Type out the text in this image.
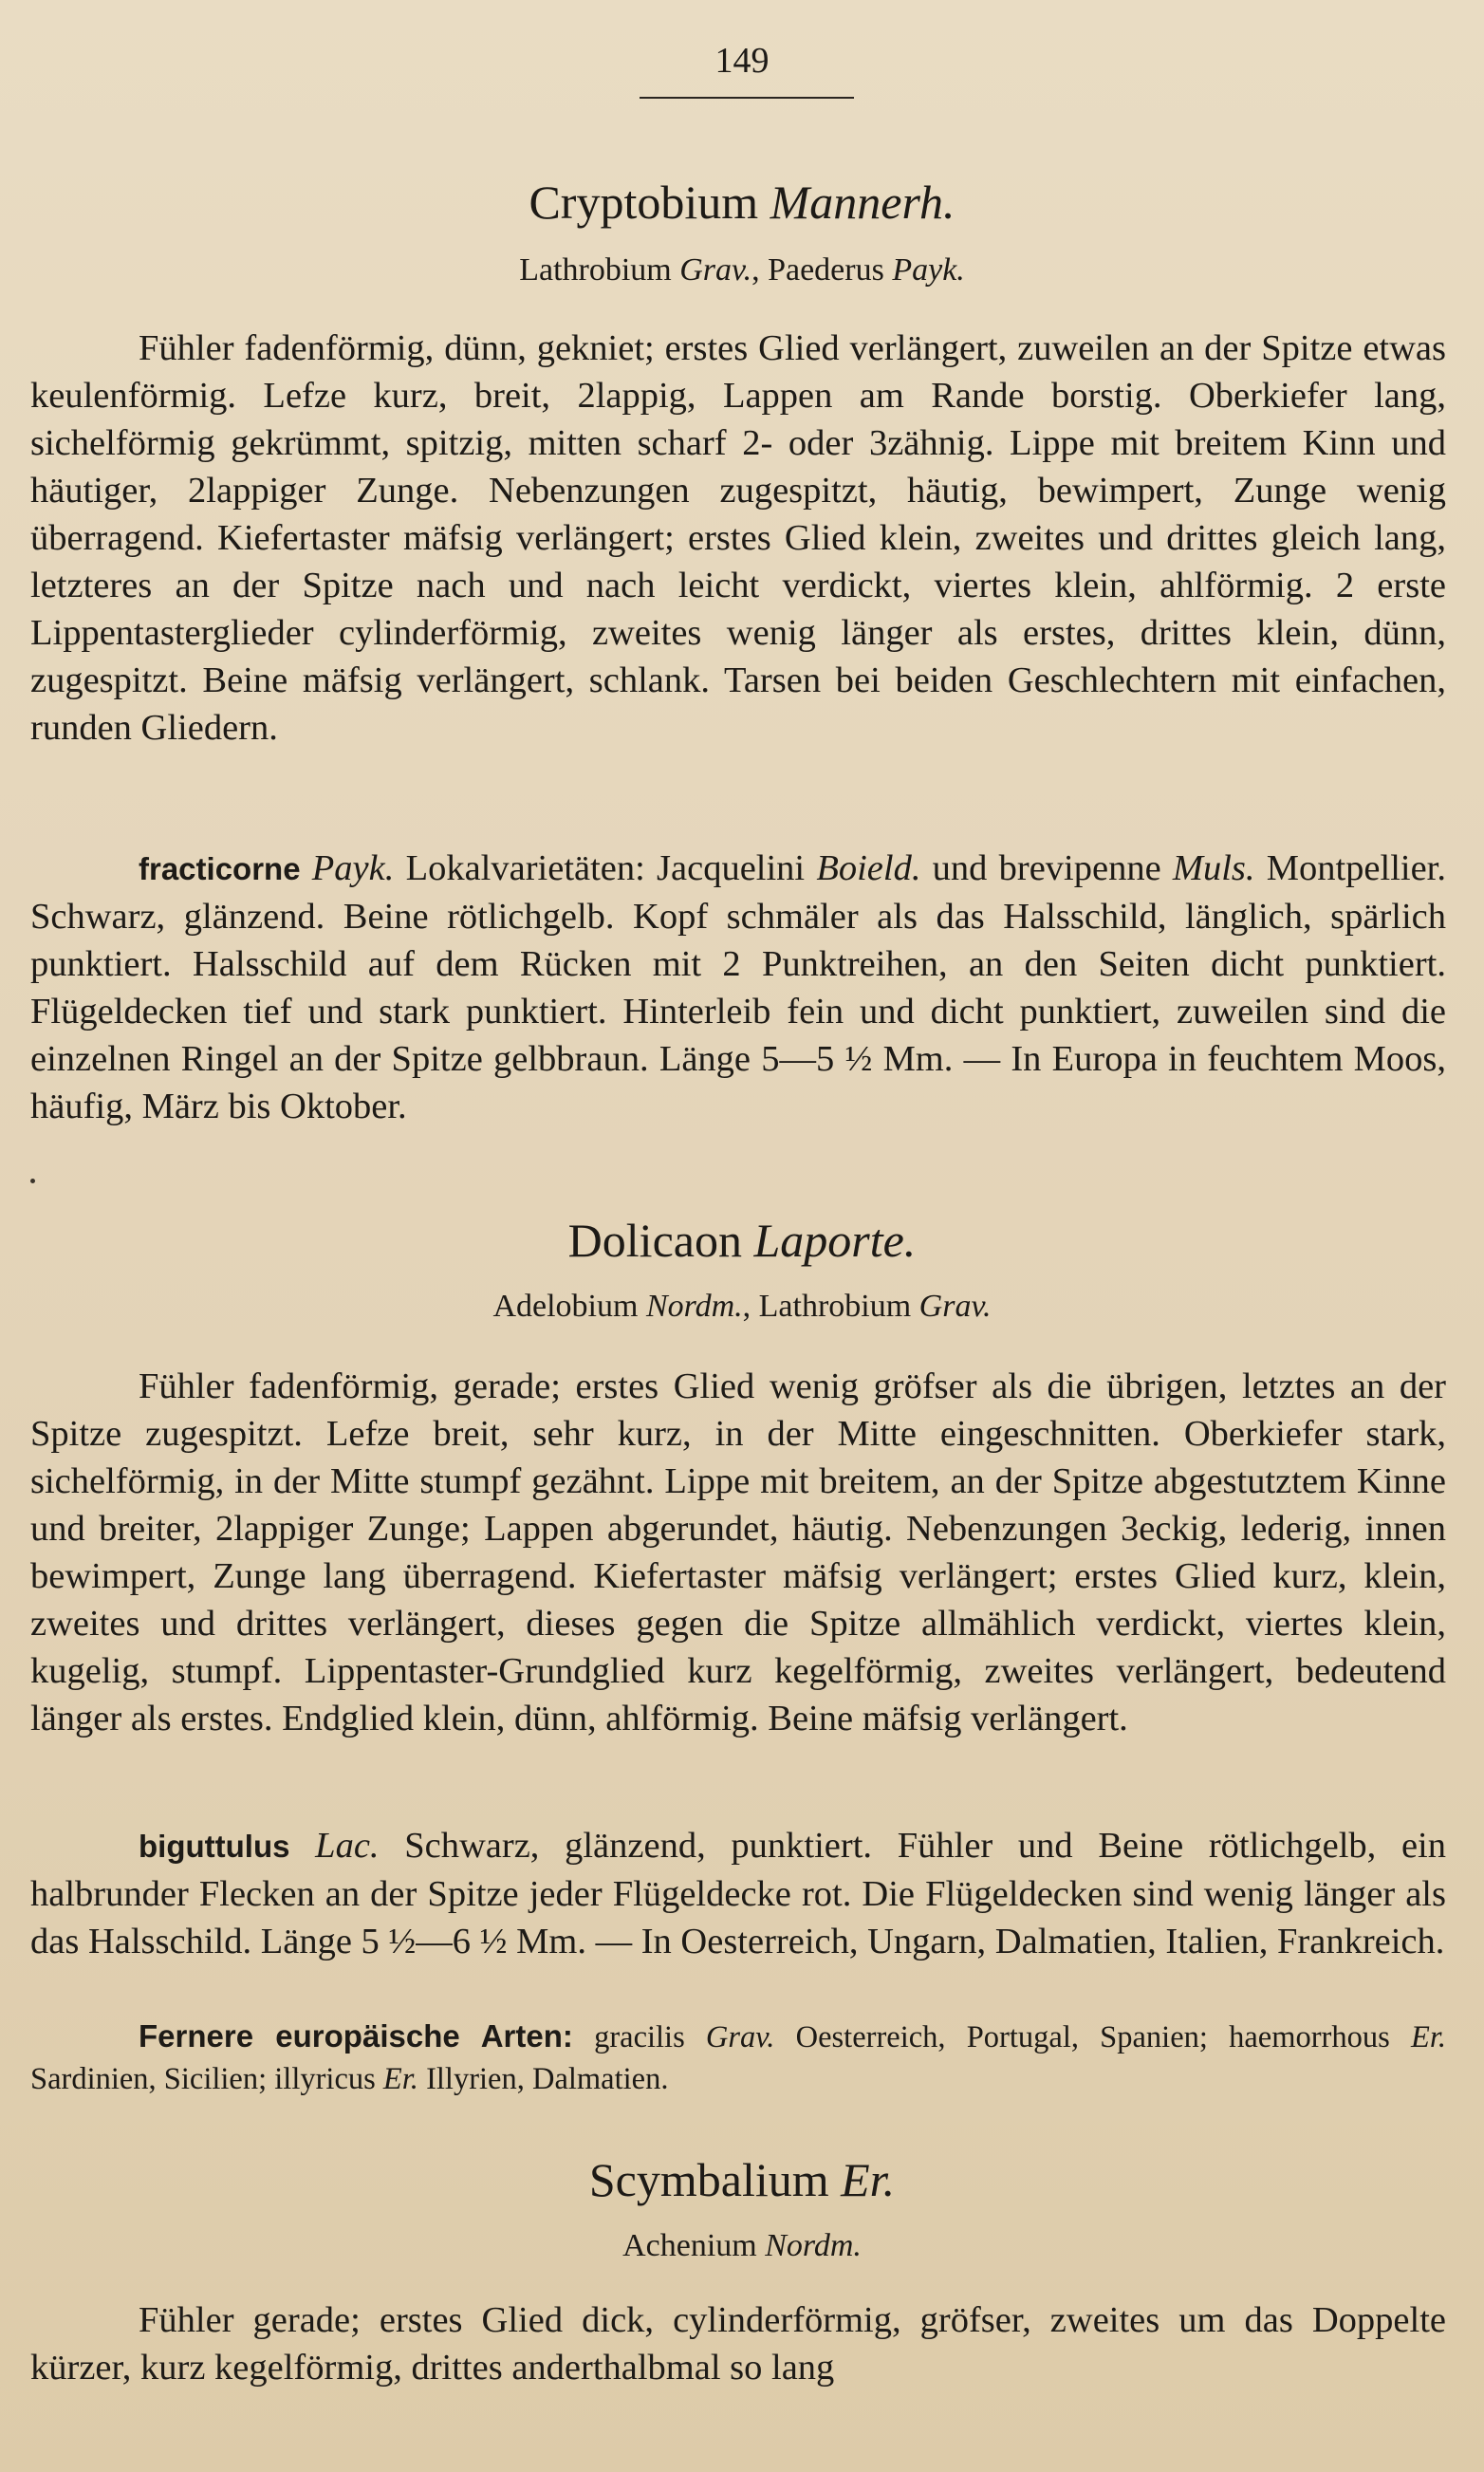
149
Cryptobium Mannerh.
Lathrobium Grav., Paederus Payk.

Fühler fadenförmig, dünn, gekniet; erstes Glied verlängert, zuweilen an der Spitze etwas keulenförmig. Lefze kurz, breit, 2lappig, Lappen am Rande borstig. Oberkiefer lang, sichelförmig gekrümmt, spitzig, mitten scharf 2- oder 3zähnig. Lippe mit breitem Kinn und häutiger, 2lappiger Zunge. Nebenzungen zugespitzt, häutig, bewimpert, Zunge wenig überragend. Kiefertaster mäfsig verlängert; erstes Glied klein, zweites und drittes gleich lang, letzteres an der Spitze nach und nach leicht verdickt, viertes klein, ahlförmig. 2 erste Lippentasterglieder cylinderförmig, zweites wenig länger als erstes, drittes klein, dünn, zugespitzt. Beine mäfsig verlängert, schlank. Tarsen bei beiden Geschlechtern mit einfachen, runden Gliedern.

fracticorne Payk. Lokalvarietäten: Jacquelini Boield. und brevipenne Muls. Montpellier. Schwarz, glänzend. Beine rötlichgelb. Kopf schmäler als das Halsschild, länglich, spärlich punktiert. Halsschild auf dem Rücken mit 2 Punktreihen, an den Seiten dicht punktiert. Flügeldecken tief und stark punktiert. Hinterleib fein und dicht punktiert, zuweilen sind die einzelnen Ringel an der Spitze gelbbraun. Länge 5—5 ½ Mm. — In Europa in feuchtem Moos, häufig, März bis Oktober.

Dolicaon Laporte.
Adelobium Nordm., Lathrobium Grav.

Fühler fadenförmig, gerade; erstes Glied wenig gröfser als die übrigen, letztes an der Spitze zugespitzt. Lefze breit, sehr kurz, in der Mitte eingeschnitten. Oberkiefer stark, sichelförmig, in der Mitte stumpf gezähnt. Lippe mit breitem, an der Spitze abgestutztem Kinne und breiter, 2lappiger Zunge; Lappen abgerundet, häutig. Nebenzungen 3eckig, lederig, innen bewimpert, Zunge lang überragend. Kiefertaster mäfsig verlängert; erstes Glied kurz, klein, zweites und drittes verlängert, dieses gegen die Spitze allmählich verdickt, viertes klein, kugelig, stumpf. Lippentaster-Grundglied kurz kegelförmig, zweites verlängert, bedeutend länger als erstes. Endglied klein, dünn, ahlförmig. Beine mäfsig verlängert.

biguttulus Lac. Schwarz, glänzend, punktiert. Fühler und Beine rötlichgelb, ein halbrunder Flecken an der Spitze jeder Flügeldecke rot. Die Flügeldecken sind wenig länger als das Halsschild. Länge 5 ½—6 ½ Mm. — In Oesterreich, Ungarn, Dalmatien, Italien, Frankreich.

Fernere europäische Arten: gracilis Grav. Oesterreich, Portugal, Spanien; haemorrhous Er. Sardinien, Sicilien; illyricus Er. Illyrien, Dalmatien.

Scymbalium Er.
Achenium Nordm.

Fühler gerade; erstes Glied dick, cylinderförmig, gröfser, zweites um das Doppelte kürzer, kurz kegelförmig, drittes anderthalbmal so lang
